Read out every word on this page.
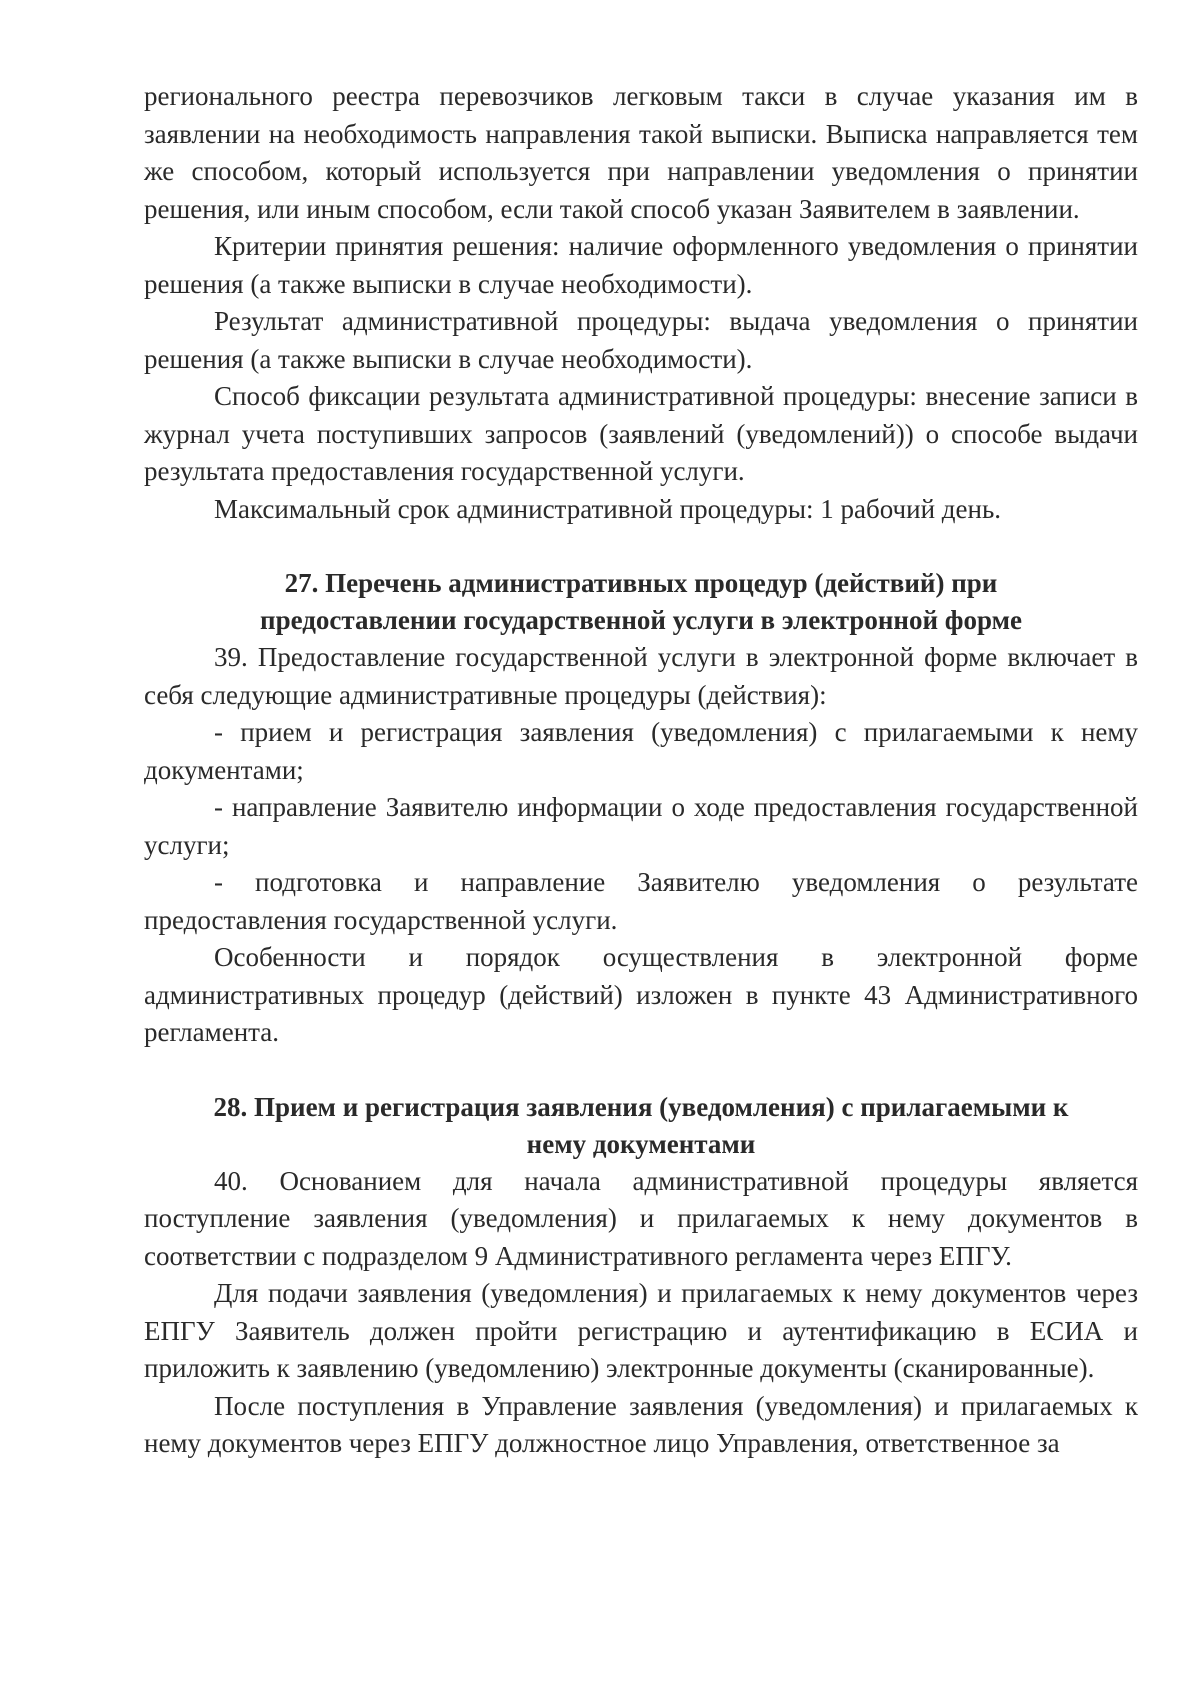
регионального реестра перевозчиков легковым такси в случае указания им в заявлении на необходимость направления такой выписки. Выписка направляется тем же способом, который используется при направлении уведомления о принятии решения, или иным способом, если такой способ указан Заявителем в заявлении.

Критерии принятия решения: наличие оформленного уведомления о принятии решения (а также выписки в случае необходимости).

Результат административной процедуры: выдача уведомления о принятии решения (а также выписки в случае необходимости).

Способ фиксации результата административной процедуры: внесение записи в журнал учета поступивших запросов (заявлений (уведомлений)) о способе выдачи результата предоставления государственной услуги.

Максимальный срок административной процедуры: 1 рабочий день.

27. Перечень административных процедур (действий) при
предоставлении государственной услуги в электронной форме

39. Предоставление государственной услуги в электронной форме включает в себя следующие административные процедуры (действия):

- прием и регистрация заявления (уведомления) с прилагаемыми к нему документами;

- направление Заявителю информации о ходе предоставления государственной услуги;

- подготовка и направление Заявителю уведомления о результате предоставления государственной услуги.

Особенности и порядок осуществления в электронной форме административных процедур (действий) изложен в пункте 43 Административного регламента.

28. Прием и регистрация заявления (уведомления) с прилагаемыми к
нему документами

40. Основанием для начала административной процедуры является поступление заявления (уведомления) и прилагаемых к нему документов в соответствии с подразделом 9 Административного регламента через ЕПГУ.

Для подачи заявления (уведомления) и прилагаемых к нему документов через ЕПГУ Заявитель должен пройти регистрацию и аутентификацию в ЕСИА и приложить к заявлению (уведомлению) электронные документы (сканированные).

После поступления в Управление заявления (уведомления) и прилагаемых к нему документов через ЕПГУ должностное лицо Управления, ответственное за
